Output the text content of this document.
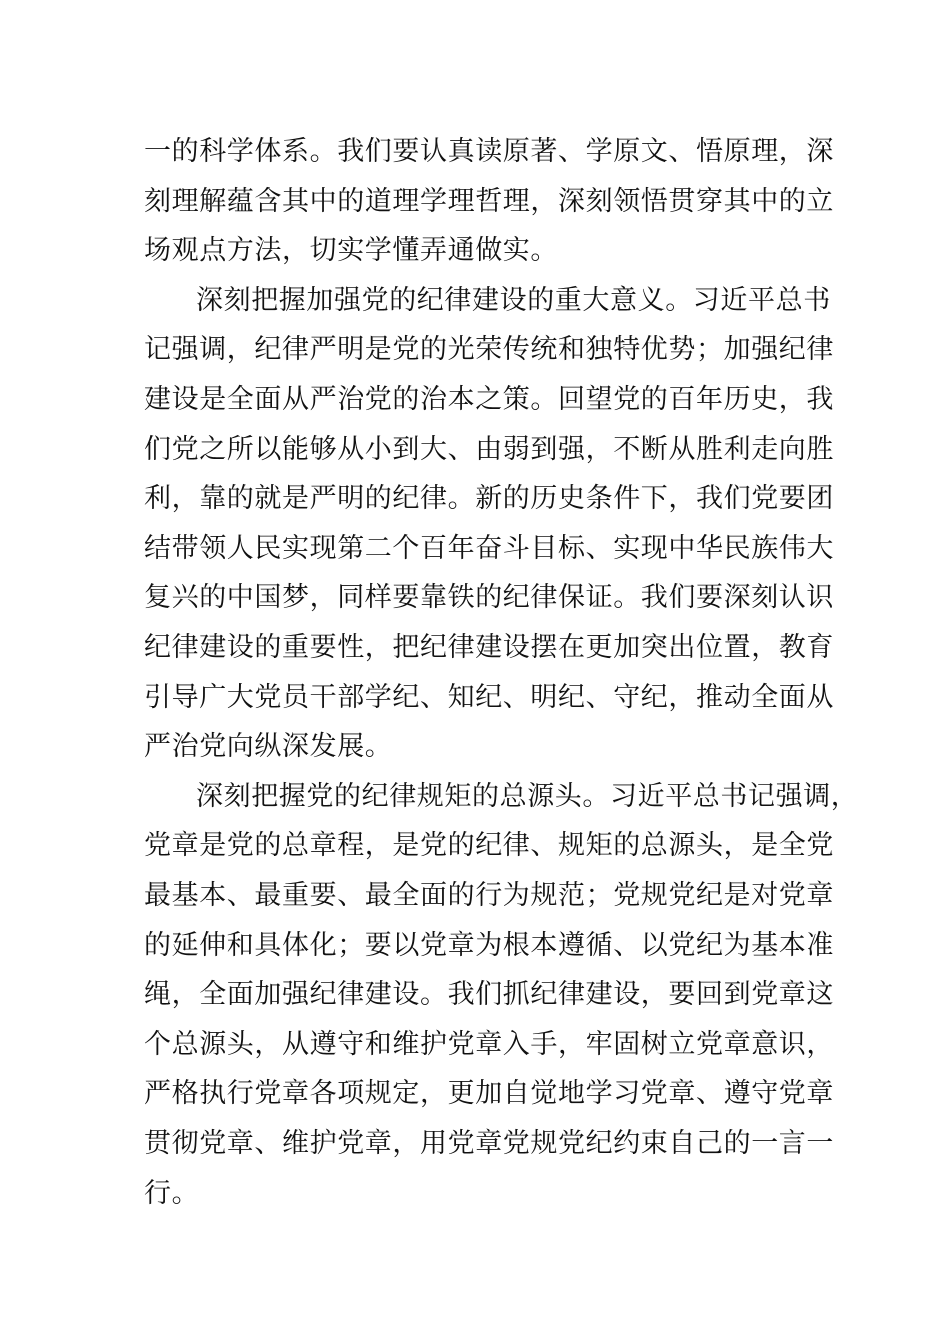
一的科学体系。我们要认真读原著、学原文、悟原理，深
刻理解蕴含其中的道理学理哲理，深刻领悟贯穿其中的立
场观点方法，切实学懂弄通做实。
深刻把握加强党的纪律建设的重大意义。习近平总书
记强调，纪律严明是党的光荣传统和独特优势；加强纪律
建设是全面从严治党的治本之策。回望党的百年历史，我
们党之所以能够从小到大、由弱到强，不断从胜利走向胜
利，靠的就是严明的纪律。新的历史条件下，我们党要团
结带领人民实现第二个百年奋斗目标、实现中华民族伟大
复兴的中国梦，同样要靠铁的纪律保证。我们要深刻认识
纪律建设的重要性，把纪律建设摆在更加突出位置，教育
引导广大党员干部学纪、知纪、明纪、守纪，推动全面从
严治党向纵深发展。
深刻把握党的纪律规矩的总源头。习近平总书记强调，
党章是党的总章程，是党的纪律、规矩的总源头，是全党
最基本、最重要、最全面的行为规范；党规党纪是对党章
的延伸和具体化；要以党章为根本遵循、以党纪为基本准
绳，全面加强纪律建设。我们抓纪律建设，要回到党章这
个总源头，从遵守和维护党章入手，牢固树立党章意识，
严格执行党章各项规定，更加自觉地学习党章、遵守党章
贯彻党章、维护党章，用党章党规党纪约束自己的一言一
行。
